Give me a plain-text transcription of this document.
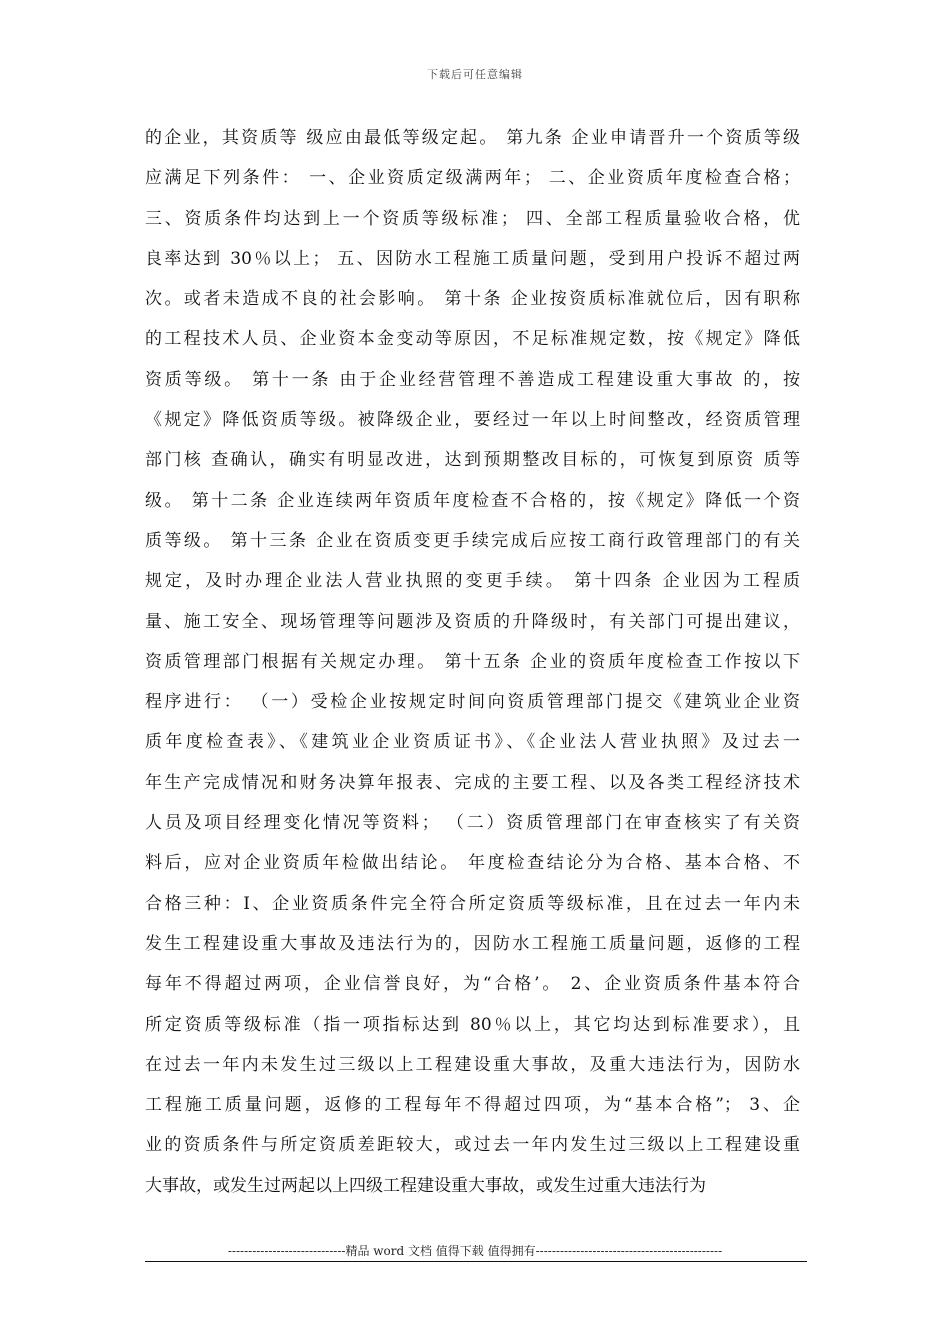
下载后可任意编辑
的企业，其资质等 级应由最低等级定起。 第九条 企业申请晋升一个资质等级
应满足下列条件： 一、企业资质定级满两年； 二、企业资质年度检查合格；
三、资质条件均达到上一个资质等级标准； 四、全部工程质量验收合格，优
良率达到 30％以上； 五、因防水工程施工质量问题，受到用户投诉不超过两
次。或者未造成不良的社会影响。 第十条 企业按资质标准就位后，因有职称
的工程技术人员、企业资本金变动等原因，不足标准规定数，按《规定》降低
资质等级。 第十一条 由于企业经营管理不善造成工程建设重大事故 的，按
《规定》降低资质等级。被降级企业，要经过一年以上时间整改，经资质管理
部门核 查确认，确实有明显改进，达到预期整改目标的，可恢复到原资 质等
级。 第十二条 企业连续两年资质年度检查不合格的，按《规定》降低一个资
质等级。 第十三条 企业在资质变更手续完成后应按工商行政管理部门的有关
规定，及时办理企业法人营业执照的变更手续。 第十四条 企业因为工程质
量、施工安全、现场管理等问题涉及资质的升降级时，有关部门可提出建议，
资质管理部门根据有关规定办理。 第十五条 企业的资质年度检查工作按以下
程序进行： （一）受检企业按规定时间向资质管理部门提交《建筑业企业资
质年度检查表》、《建筑业企业资质证书》、《企业法人营业执照》及过去一
年生产完成情况和财务决算年报表、完成的主要工程、以及各类工程经济技术
人员及项目经理变化情况等资料； （二）资质管理部门在审查核实了有关资
料后，应对企业资质年检做出结论。 年度检查结论分为合格、基本合格、不
合格三种：Ⅰ、企业资质条件完全符合所定资质等级标准，且在过去一年内未
发生工程建设重大事故及违法行为的，因防水工程施工质量问题，返修的工程
每年不得超过两项，企业信誉良好，为“合格’。 2、企业资质条件基本符合
所定资质等级标准（指一项指标达到 80％以上，其它均达到标准要求），且
在过去一年内未发生过三级以上工程建设重大事故，及重大违法行为，因防水
工程施工质量问题，返修的工程每年不得超过四项，为“基本合格”； 3、企
业的资质条件与所定资质差距较大，或过去一年内发生过三级以上工程建设重
大事故，或发生过两起以上四级工程建设重大事故，或发生过重大违法行为
-----------------------------精品 word 文档 值得下载 值得拥有----------------------------------------------
